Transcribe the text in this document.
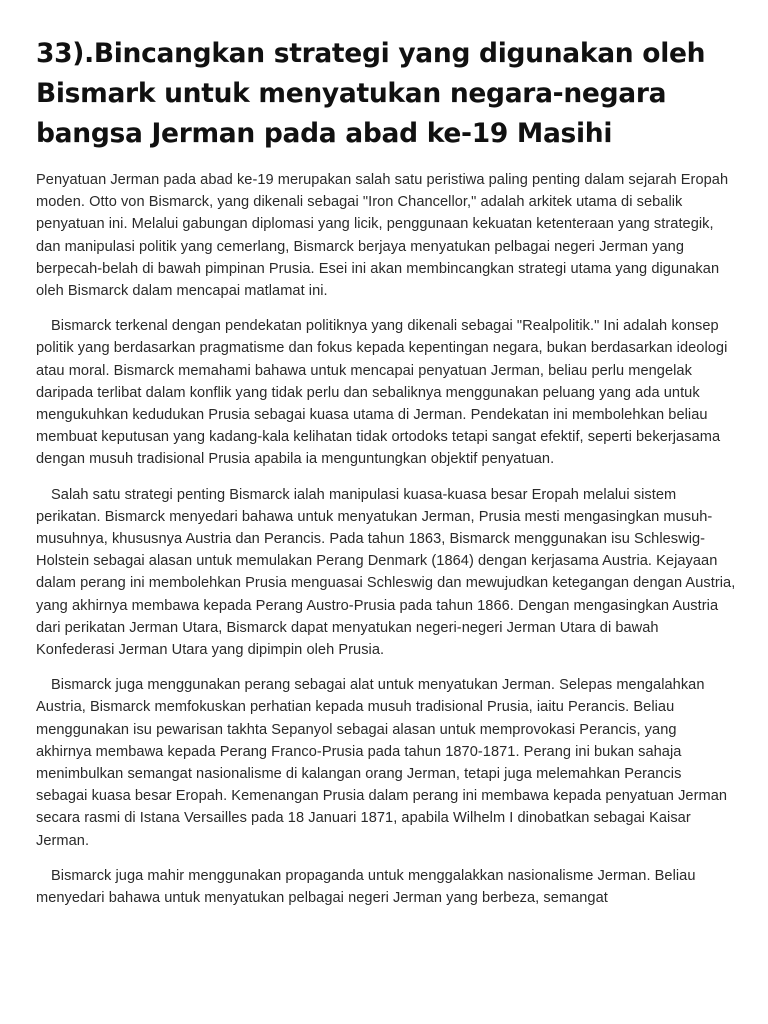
33).Bincangkan strategi yang digunakan oleh Bismark untuk menyatukan negara-negara bangsa Jerman pada abad ke-19 Masihi

Penyatuan Jerman pada abad ke-19 merupakan salah satu peristiwa paling penting dalam sejarah Eropah moden. Otto von Bismarck, yang dikenali sebagai "Iron Chancellor," adalah arkitek utama di sebalik penyatuan ini. Melalui gabungan diplomasi yang licik, penggunaan kekuatan ketenteraan yang strategik, dan manipulasi politik yang cemerlang, Bismarck berjaya menyatukan pelbagai negeri Jerman yang berpecah-belah di bawah pimpinan Prusia. Esei ini akan membincangkan strategi utama yang digunakan oleh Bismarck dalam mencapai matlamat ini.

Bismarck terkenal dengan pendekatan politiknya yang dikenali sebagai "Realpolitik." Ini adalah konsep politik yang berdasarkan pragmatisme dan fokus kepada kepentingan negara, bukan berdasarkan ideologi atau moral. Bismarck memahami bahawa untuk mencapai penyatuan Jerman, beliau perlu mengelak daripada terlibat dalam konflik yang tidak perlu dan sebaliknya menggunakan peluang yang ada untuk mengukuhkan kedudukan Prusia sebagai kuasa utama di Jerman. Pendekatan ini membolehkan beliau membuat keputusan yang kadang-kala kelihatan tidak ortodoks tetapi sangat efektif, seperti bekerjasama dengan musuh tradisional Prusia apabila ia menguntungkan objektif penyatuan.

Salah satu strategi penting Bismarck ialah manipulasi kuasa-kuasa besar Eropah melalui sistem perikatan. Bismarck menyedari bahawa untuk menyatukan Jerman, Prusia mesti mengasingkan musuh-musuhnya, khususnya Austria dan Perancis. Pada tahun 1863, Bismarck menggunakan isu Schleswig-Holstein sebagai alasan untuk memulakan Perang Denmark (1864) dengan kerjasama Austria. Kejayaan dalam perang ini membolehkan Prusia menguasai Schleswig dan mewujudkan ketegangan dengan Austria, yang akhirnya membawa kepada Perang Austro-Prusia pada tahun 1866. Dengan mengasingkan Austria dari perikatan Jerman Utara, Bismarck dapat menyatukan negeri-negeri Jerman Utara di bawah Konfederasi Jerman Utara yang dipimpin oleh Prusia.

Bismarck juga menggunakan perang sebagai alat untuk menyatukan Jerman. Selepas mengalahkan Austria, Bismarck memfokuskan perhatian kepada musuh tradisional Prusia, iaitu Perancis. Beliau menggunakan isu pewarisan takhta Sepanyol sebagai alasan untuk memprovokasi Perancis, yang akhirnya membawa kepada Perang Franco-Prusia pada tahun 1870-1871. Perang ini bukan sahaja menimbulkan semangat nasionalisme di kalangan orang Jerman, tetapi juga melemahkan Perancis sebagai kuasa besar Eropah. Kemenangan Prusia dalam perang ini membawa kepada penyatuan Jerman secara rasmi di Istana Versailles pada 18 Januari 1871, apabila Wilhelm I dinobatkan sebagai Kaisar Jerman.

Bismarck juga mahir menggunakan propaganda untuk menggalakkan nasionalisme Jerman. Beliau menyedari bahawa untuk menyatukan pelbagai negeri Jerman yang berbeza, semangat
